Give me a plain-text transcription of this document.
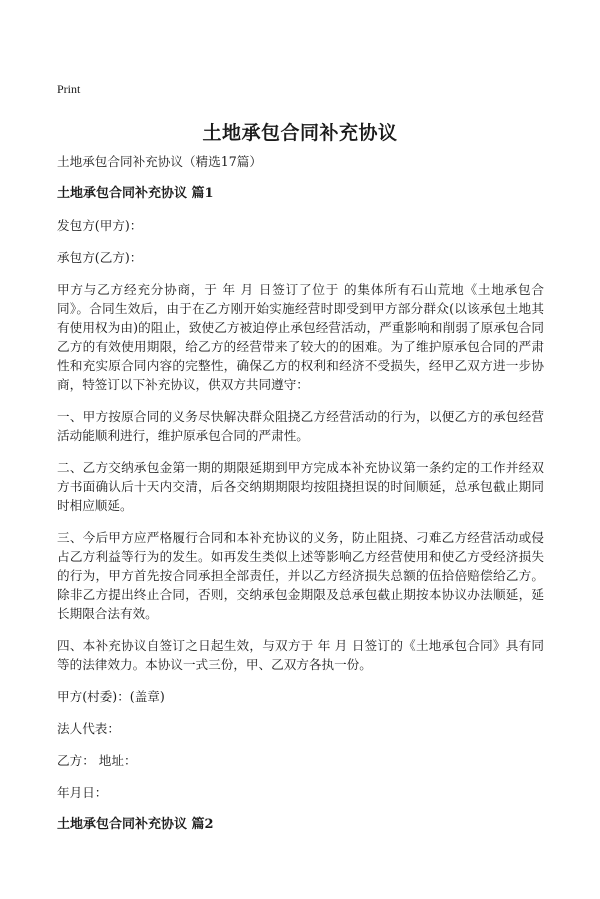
Print
土地承包合同补充协议

土地承包合同补充协议（精选17篇）

土地承包合同补充协议 篇1

发包方(甲方)：

承包方(乙方)：

甲方与乙方经充分协商，于 年 月 日签订了位于 的集体所有石山荒地《土地承包合同》。合同生效后，由于在乙方刚开始实施经营时即受到甲方部分群众(以该承包土地其有使用权为由)的阻止，致使乙方被迫停止承包经营活动，严重影响和削弱了原承包合同乙方的有效使用期限，给乙方的经营带来了较大的的困难。为了维护原承包合同的严肃性和充实原合同内容的完整性，确保乙方的权利和经济不受损失，经甲乙双方进一步协商，特签订以下补充协议，供双方共同遵守：

一、甲方按原合同的义务尽快解决群众阻挠乙方经营活动的行为，以便乙方的承包经营活动能顺利进行，维护原承包合同的严肃性。

二、乙方交纳承包金第一期的期限延期到甲方完成本补充协议第一条约定的工作并经双方书面确认后十天内交清，后各交纳期期限均按阻挠担误的时间顺延，总承包截止期同时相应顺延。

三、今后甲方应严格履行合同和本补充协议的义务，防止阻挠、刁难乙方经营活动或侵占乙方利益等行为的发生。如再发生类似上述等影响乙方经营使用和使乙方受经济损失的行为，甲方首先按合同承担全部责任，并以乙方经济损失总额的伍拾倍赔偿给乙方。除非乙方提出终止合同，否则，交纳承包金期限及总承包截止期按本协议办法顺延，延长期限合法有效。

四、本补充协议自签订之日起生效，与双方于 年 月 日签订的《土地承包合同》具有同等的法律效力。本协议一式三份，甲、乙双方各执一份。

甲方(村委)：(盖章)

法人代表：

乙方： 地址：

年月日：

土地承包合同补充协议 篇2
